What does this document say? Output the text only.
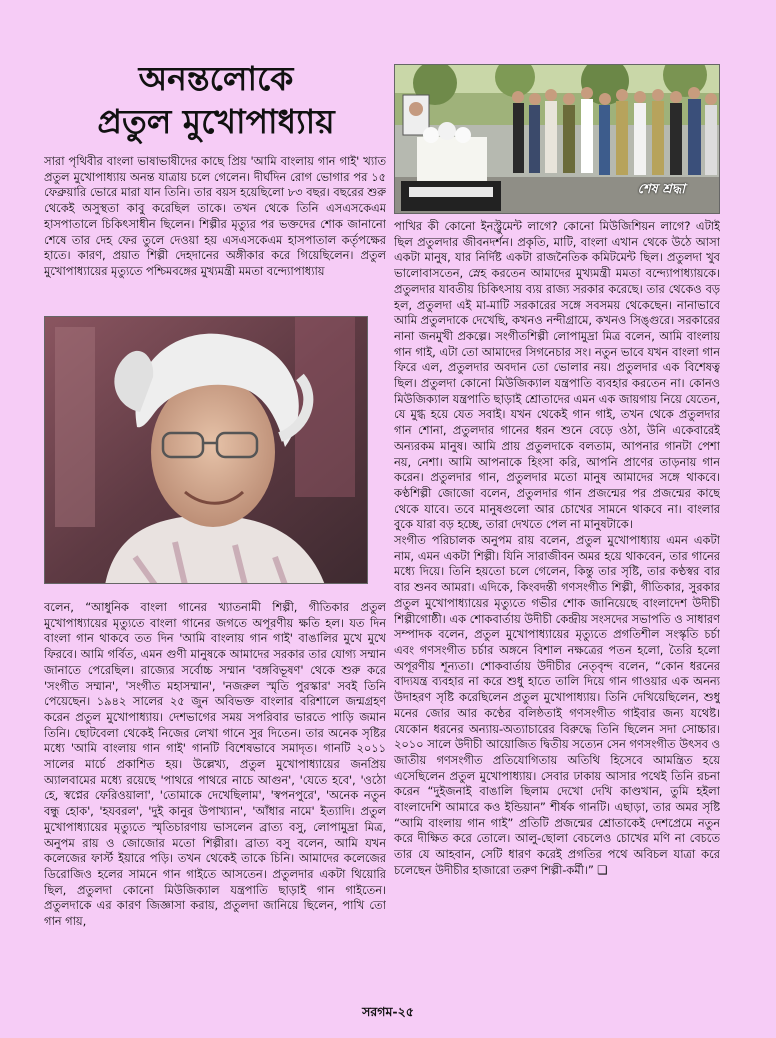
অনন্তলোকে
প্রতুল মুখোপাধ্যায়

সারা পৃথিবীর বাংলা ভাষাভাষীদের কাছে প্রিয় 'আমি বাংলায় গান গাই' খ্যাত প্রতুল মুখোপাধ্যায় অনন্ত যাত্রায় চলে গেলেন। দীর্ঘদিন রোগ ভোগার পর ১৫ ফেব্রুয়ারি ভোরে মারা যান তিনি। তার বয়স হয়েছিলো ৮৩ বছর। বছরের শুরু থেকেই অসুস্থতা কাবু করেছিল তাকে। তখন থেকে তিনি এসএসকেএম হাসপাতালে চিকিৎসাধীন ছিলেন। শিল্পীর মৃত্যুর পর ভক্তদের শোক জানানো শেষে তার দেহ ফের তুলে দেওয়া হয় এসএসকেএম হাসপাতাল কর্তৃপক্ষের হাতে। কারণ, প্রয়াত শিল্পী দেহদানের অঙ্গীকার করে গিয়েছিলেন। প্রতুল মুখোপাধ্যায়ের মৃত্যুতে পশ্চিমবঙ্গের মুখ্যমন্ত্রী মমতা বন্দ্যোপাধ্যায়

বলেন, “আধুনিক বাংলা গানের খ্যাতনামী শিল্পী, গীতিকার প্রতুল মুখোপাধ্যায়ের মৃত্যুতে বাংলা গানের জগতে অপূরণীয় ক্ষতি হল। যত দিন বাংলা গান থাকবে তত দিন 'আমি বাংলায় গান গাই' বাঙালির মুখে মুখে ফিরবে। আমি গর্বিত, এমন গুণী মানুষকে আমাদের সরকার তার যোগ্য সম্মান জানাতে পেরেছিল। রাজ্যের সর্বোচ্চ সম্মান 'বঙ্গবিভূষণ' থেকে শুরু করে 'সংগীত সম্মান', 'সংগীত মহাসম্মান', 'নজরুল স্মৃতি পুরস্কার' সবই তিনি পেয়েছেন। ১৯৪২ সালের ২৫ জুন অবিভক্ত বাংলার বরিশালে জন্মগ্রহণ করেন প্রতুল মুখোপাধ্যায়। দেশভাগের সময় সপরিবার ভারতে পাড়ি জমান তিনি। ছোটবেলা থেকেই নিজের লেখা গানে সুর দিতেন। তার অনেক সৃষ্টির মধ্যে 'আমি বাংলায় গান গাই' গানটি বিশেষভাবে সমাদৃত। গানটি ২০১১ সালের মার্চে প্রকাশিত হয়। উল্লেখ্য, প্রতুল মুখোপাধ্যায়ের জনপ্রিয় অ্যালবামের মধ্যে রয়েছে 'পাথরে পাথরে নাচে আগুন', 'যেতে হবে', 'ওঠো হে, স্বপ্নের ফেরিওয়ালা', 'তোমাকে দেখেছিলাম', 'স্বপনপুরে', 'অনেক নতুন বন্ধু হোক', 'হযবরল', 'দুই কানুর উপাখ্যান', 'আঁধার নামে' ইত্যাদি। প্রতুল মুখোপাধ্যায়ের মৃত্যুতে স্মৃতিচারণায় ভাসলেন ব্রাত্য বসু, লোপামুদ্রা মিত্র, অনুপম রায় ও জোজোর মতো শিল্পীরা। ব্রাত্য বসু বলেন, আমি যখন কলেজের ফার্স্ট ইয়ারে পড়ি। তখন থেকেই তাকে চিনি। আমাদের কলেজের ডিরোজিও হলের সামনে গান গাইতে আসতেন। প্রতুলদার একটা থিয়োরি ছিল, প্রতুলদা কোনো মিউজিক্যাল যন্ত্রপাতি ছাড়াই গান গাইতেন। প্রতুলদাকে এর কারণ জিজ্ঞাসা করায়, প্রতুলদা জানিয়ে ছিলেন, পাখি তো গান গায়,

শেষ শ্রদ্ধা

পাখির কী কোনো ইনস্ট্রুমেন্ট লাগে? কোনো মিউজিশিয়ন লাগে? এটাই ছিল প্রতুলদার জীবনদর্শন। প্রকৃতি, মাটি, বাংলা এখান থেকে উঠে আসা একটা মানুষ, যার নির্দিষ্ট একটা রাজনৈতিক কমিটমেন্ট ছিল। প্রতুলদা খুব ভালোবাসতেন, স্নেহ করতেন আমাদের মুখ্যমন্ত্রী মমতা বন্দ্যোপাধ্যায়কে। প্রতুলদার যাবতীয় চিকিৎসায় ব্যয় রাজ্য সরকার করেছে। তার থেকেও বড় হল, প্রতুলদা এই মা-মাটি সরকারের সঙ্গে সবসময় থেকেছেন। নানাভাবে আমি প্রতুলদাকে দেখেছি, কখনও নন্দীগ্রামে, কখনও সিঙ্গুরে। সরকারের নানা জনমুখী প্রকল্পে। সংগীতশিল্পী লোপামুদ্রা মিত্র বলেন, আমি বাংলায় গান গাই, এটা তো আমাদের সিগনেচার সং। নতুন ভাবে যখন বাংলা গান ফিরে এল, প্রতুলদার অবদান তো ভোলার নয়। প্রতুলদার এক বিশেষত্ব ছিল। প্রতুলদা কোনো মিউজিক্যাল যন্ত্রপাতি ব্যবহার করতেন না। কোনও মিউজিক্যাল যন্ত্রপাতি ছাড়াই শ্রোতাদের এমন এক জায়গায় নিয়ে যেতেন, যে মুগ্ধ হয়ে যেত সবাই। যখন থেকেই গান গাই, তখন থেকে প্রতুলদার গান শোনা, প্রতুলদার গানের ধরন শুনে বেড়ে ওঠা, উনি একেবারেই অন্যরকম মানুষ। আমি প্রায় প্রতুলদাকে বলতাম, আপনার গানটা পেশা নয়, নেশা। আমি আপনাকে হিংসা করি, আপনি প্রাণের তাড়নায় গান করেন। প্রতুলদার গান, প্রতুলদার মতো মানুষ আমাদের সঙ্গে থাকবে। কণ্ঠশিল্পী জোজো বলেন, প্রতুলদার গান প্রজন্মের পর প্রজন্মের কাছে থেকে যাবে। তবে মানুষগুলো আর চোখের সামনে থাকবে না। বাংলার বুকে যারা বড় হচ্ছে, তারা দেখতে পেল না মানুষটাকে।

সংগীত পরিচালক অনুপম রায় বলেন, প্রতুল মুখোপাধ্যায় এমন একটা নাম, এমন একটা শিল্পী। যিনি সারাজীবন অমর হয়ে থাকবেন, তার গানের মধ্যে দিয়ে। তিনি হয়তো চলে গেলেন, কিন্তু তার সৃষ্টি, তার কণ্ঠস্বর বার বার শুনব আমরা। এদিকে, কিংবদন্তী গণসংগীত শিল্পী, গীতিকার, সুরকার প্রতুল মুখোপাধ্যায়ের মৃত্যুতে গভীর শোক জানিয়েছে বাংলাদেশ উদীচী শিল্পীগোষ্ঠী। এক শোকবার্তায় উদীচী কেন্দ্রীয় সংসদের সভাপতি ও সাধারণ সম্পাদক বলেন, প্রতুল মুখোপাধ্যায়ের মৃত্যুতে প্রগতিশীল সংস্কৃতি চর্চা এবং গণসংগীত চর্চার অঙ্গনে বিশাল নক্ষত্রের পতন হলো, তৈরি হলো অপূরণীয় শূন্যতা। শোকবার্তায় উদীচীর নেতৃবৃন্দ বলেন, “কোন ধরনের বাদ্যযন্ত্র ব্যবহার না করে শুধু হাতে তালি দিয়ে গান গাওয়ার এক অনন্য উদাহরণ সৃষ্টি করেছিলেন প্রতুল মুখোপাধ্যায়। তিনি দেখিয়েছিলেন, শুধু মনের জোর আর কণ্ঠের বলিষ্ঠতাই গণসংগীত গাইবার জন্য যথেষ্ট। যেকোন ধরনের অন্যায়-অত্যাচারের বিরুদ্ধে তিনি ছিলেন সদা সোচ্চার। ২০১০ সালে উদীচী আয়োজিত দ্বিতীয় সত্যেন সেন গণসংগীত উৎসব ও জাতীয় গণসংগীত প্রতিযোগিতায় অতিথি হিসেবে আমন্ত্রিত হয়ে এসেছিলেন প্রতুল মুখোপাধ্যায়। সেবার ঢাকায় আসার পথেই তিনি রচনা করেন “দুইজনাই বাঙালি ছিলাম দেখো দেখি কাণ্ডখান, তুমি হইলা বাংলাদেশি আমারে কও ইন্ডিয়ান” শীর্ষক গানটি। এছাড়া, তার অমর সৃষ্টি “আমি বাংলায় গান গাই” প্রতিটি প্রজন্মের শ্রোতাকেই দেশপ্রেমে নতুন করে দীক্ষিত করে তোলে। আলু-ছোলা বেচলেও চোখের মণি না বেচতে তার যে আহবান, সেটি ধারণ করেই প্রগতির পথে অবিচল যাত্রা করে চলেছেন উদীচীর হাজারো তরুণ শিল্পী-কর্মী।” ❏

সরগম-২৫
